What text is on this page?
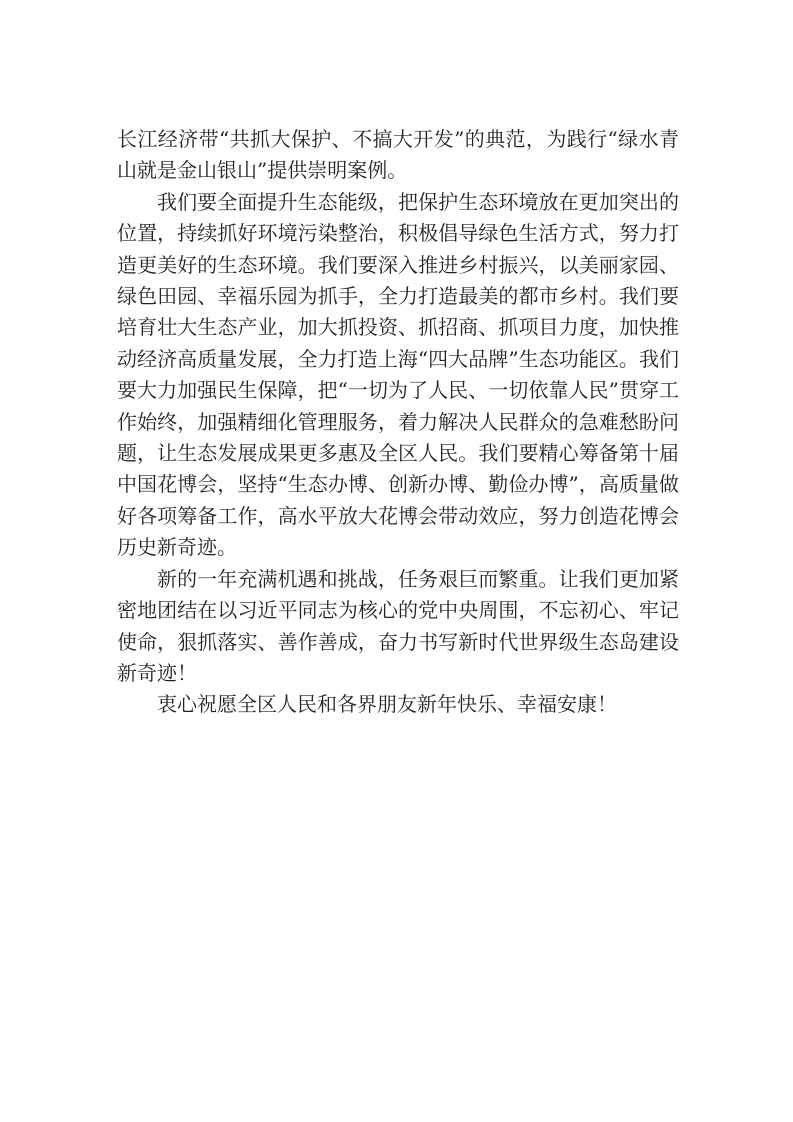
长江经济带“共抓大保护、不搞大开发”的典范，为践行“绿水青山就是金山银山”提供崇明案例。

我们要全面提升生态能级，把保护生态环境放在更加突出的位置，持续抓好环境污染整治，积极倡导绿色生活方式，努力打造更美好的生态环境。我们要深入推进乡村振兴，以美丽家园、绿色田园、幸福乐园为抓手，全力打造最美的都市乡村。我们要培育壮大生态产业，加大抓投资、抓招商、抓项目力度，加快推动经济高质量发展，全力打造上海“四大品牌”生态功能区。我们要大力加强民生保障，把“一切为了人民、一切依靠人民”贯穿工作始终，加强精细化管理服务，着力解决人民群众的急难愁盼问题，让生态发展成果更多惠及全区人民。我们要精心筹备第十届中国花博会，坚持“生态办博、创新办博、勤俭办博”，高质量做好各项筹备工作，高水平放大花博会带动效应，努力创造花博会历史新奇迹。

新的一年充满机遇和挑战，任务艰巨而繁重。让我们更加紧密地团结在以习近平同志为核心的党中央周围，不忘初心、牢记使命，狠抓落实、善作善成，奋力书写新时代世界级生态岛建设新奇迹！

衷心祝愿全区人民和各界朋友新年快乐、幸福安康！
